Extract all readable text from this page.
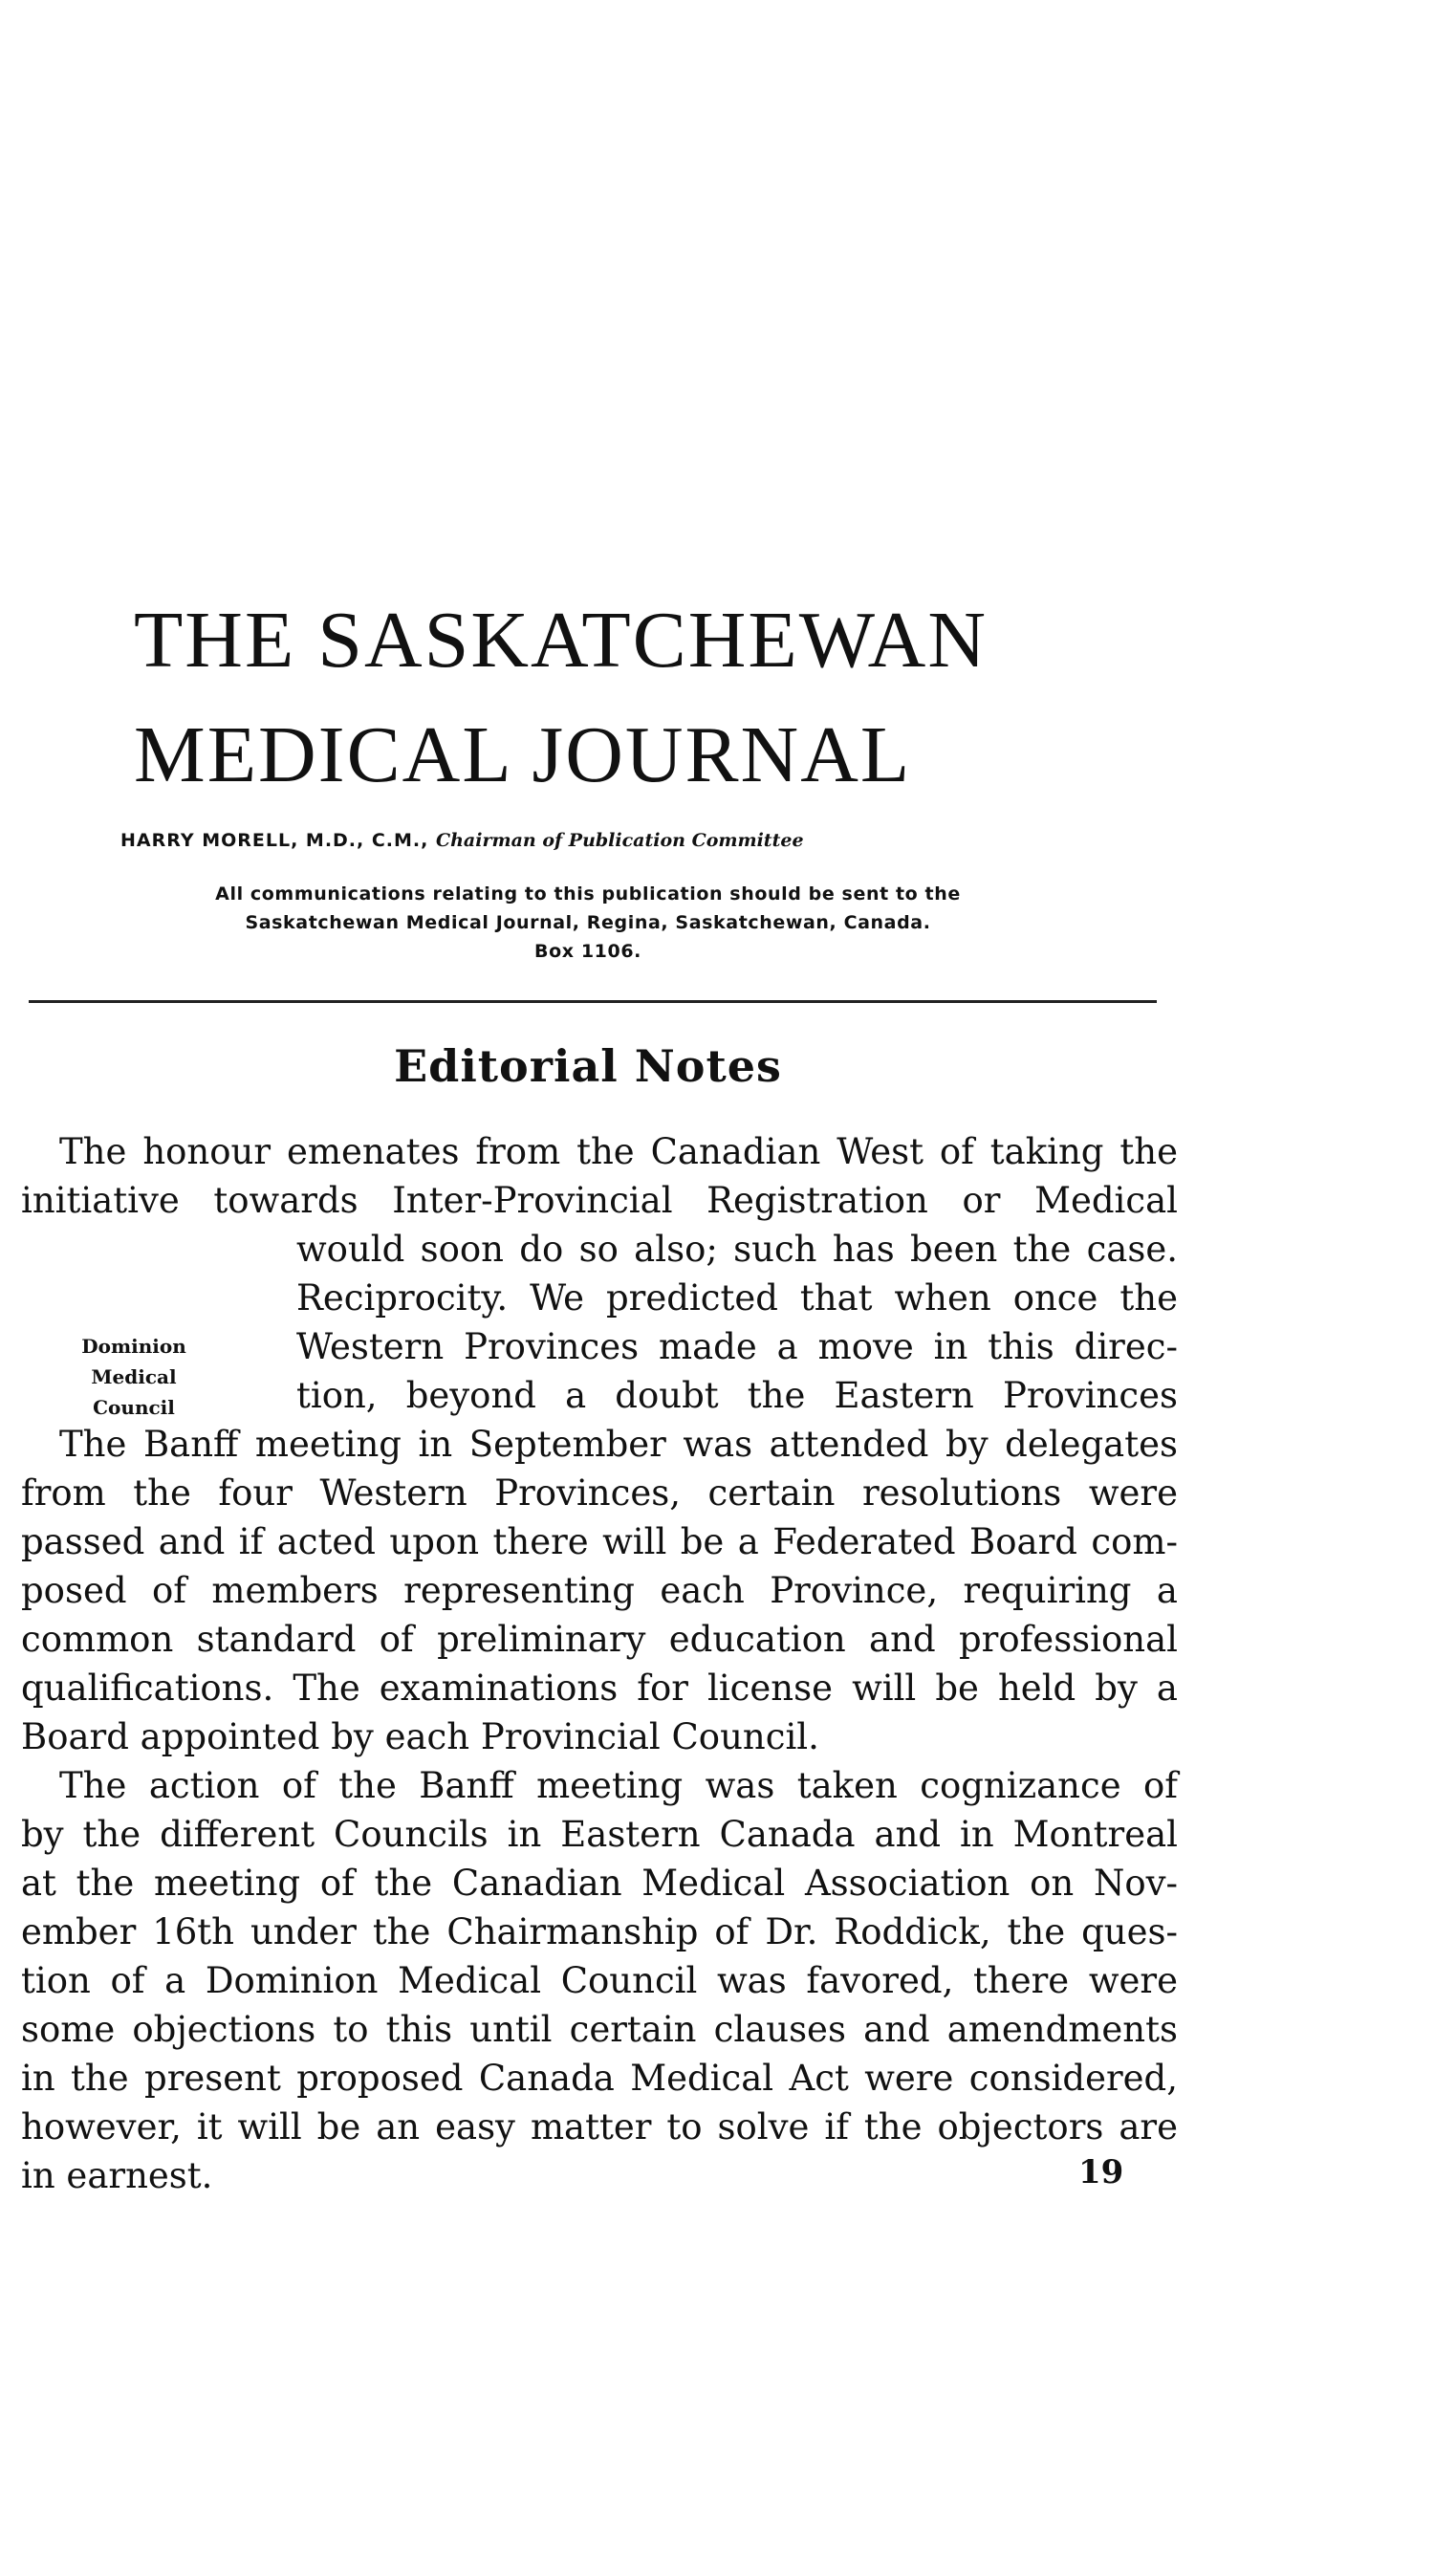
THE SASKATCHEWAN
MEDICAL JOURNAL
HARRY MORELL, M.D., C.M., Chairman of Publication Committee
All communications relating to this publication should be sent to the
Saskatchewan Medical Journal, Regina, Saskatchewan, Canada.
Box 1106.
Editorial Notes
Dominion
Medical
Council
The honour emenates from the Canadian West of taking the
initiative towards Inter-Provincial Registration or Medical
would soon do so also; such has been the case.
Reciprocity. We predicted that when once the
Western Provinces made a move in this direc-
tion, beyond a doubt the Eastern Provinces
The Banff meeting in September was attended by delegates
from the four Western Provinces, certain resolutions were
passed and if acted upon there will be a Federated Board com-
posed of members representing each Province, requiring a
common standard of preliminary education and professional
qualifications. The examinations for license will be held by a
Board appointed by each Provincial Council.
The action of the Banff meeting was taken cognizance of
by the different Councils in Eastern Canada and in Montreal
at the meeting of the Canadian Medical Association on Nov-
ember 16th under the Chairmanship of Dr. Roddick, the ques-
tion of a Dominion Medical Council was favored, there were
some objections to this until certain clauses and amendments
in the present proposed Canada Medical Act were considered,
however, it will be an easy matter to solve if the objectors are
in earnest.	19
